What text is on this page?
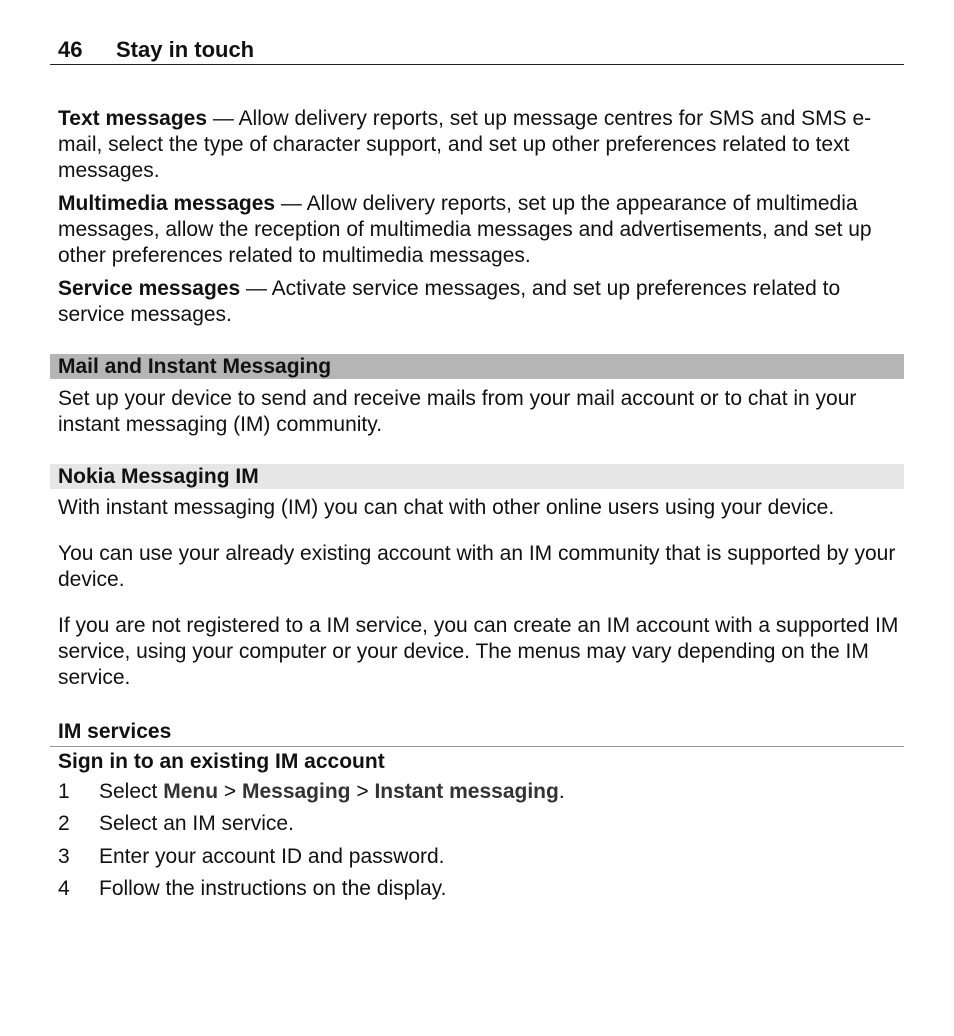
46 Stay in touch
Text messages — Allow delivery reports, set up message centres for SMS and SMS e-mail, select the type of character support, and set up other preferences related to text messages.
Multimedia messages — Allow delivery reports, set up the appearance of multimedia messages, allow the reception of multimedia messages and advertisements, and set up other preferences related to multimedia messages.
Service messages — Activate service messages, and set up preferences related to service messages.
Mail and Instant Messaging
Set up your device to send and receive mails from your mail account or to chat in your instant messaging (IM) community.
Nokia Messaging IM
With instant messaging (IM) you can chat with other online users using your device.
You can use your already existing account with an IM community that is supported by your device.
If you are not registered to a IM service, you can create an IM account with a supported IM service, using your computer or your device. The menus may vary depending on the IM service.
IM services
Sign in to an existing IM account
1 Select Menu > Messaging > Instant messaging.
2 Select an IM service.
3 Enter your account ID and password.
4 Follow the instructions on the display.
